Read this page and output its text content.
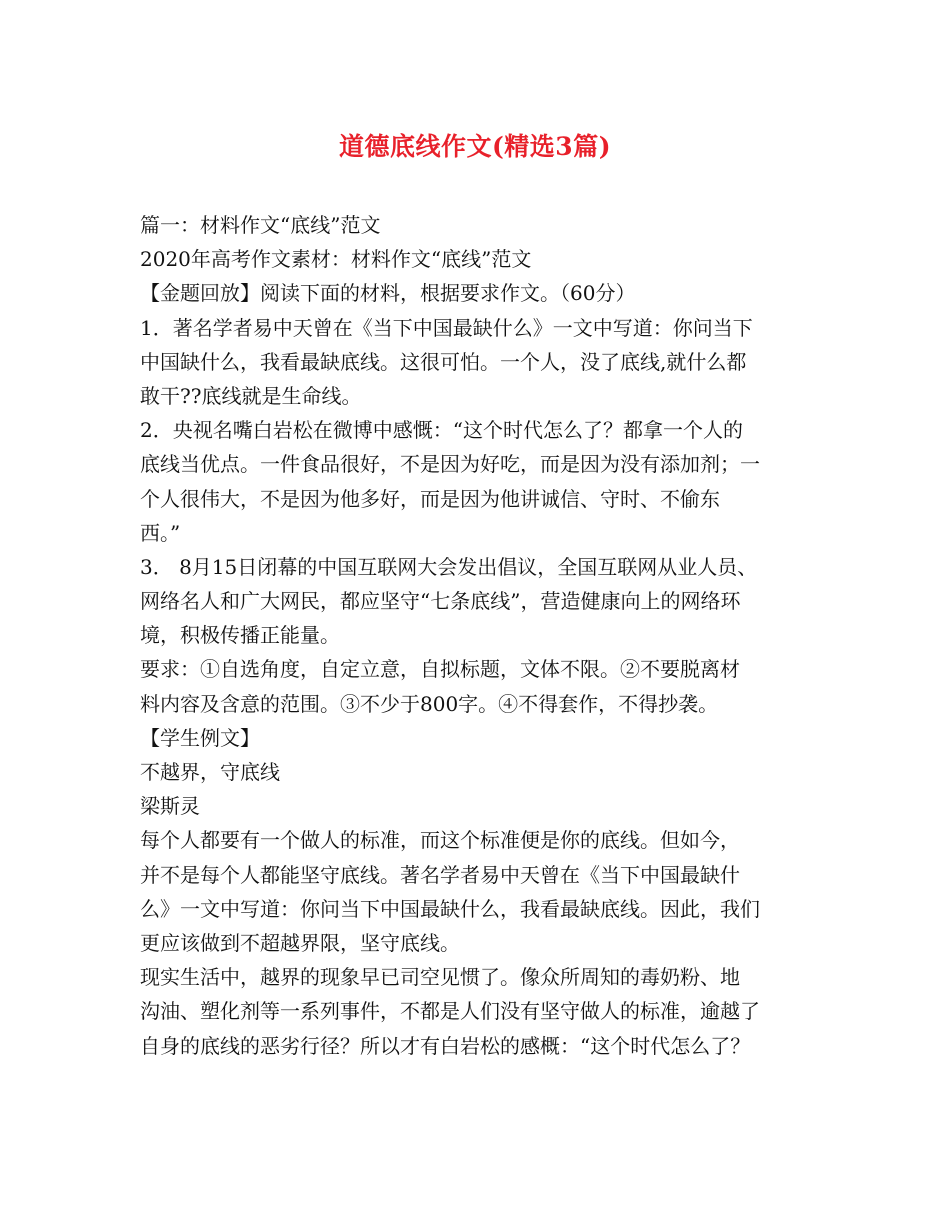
道德底线作文(精选3篇)
篇一：材料作文“底线”范文
2020年高考作文素材：材料作文“底线”范文
【金题回放】阅读下面的材料，根据要求作文。（60分）
1．著名学者易中天曾在《当下中国最缺什么》一文中写道：你问当下
中国缺什么，我看最缺底线。这很可怕。一个人，没了底线,就什么都
敢干??底线就是生命线。
2．央视名嘴白岩松在微博中感慨：“这个时代怎么了？都拿一个人的
底线当优点。一件食品很好，不是因为好吃，而是因为没有添加剂；一
个人很伟大，不是因为他多好，而是因为他讲诚信、守时、不偷东
西。”
3． 8月15日闭幕的中国互联网大会发出倡议，全国互联网从业人员、
网络名人和广大网民，都应坚守“七条底线”，营造健康向上的网络环
境，积极传播正能量。
要求：①自选角度，自定立意，自拟标题，文体不限。②不要脱离材
料内容及含意的范围。③不少于800字。④不得套作，不得抄袭。
【学生例文】
不越界，守底线
梁斯灵
每个人都要有一个做人的标准，而这个标准便是你的底线。但如今，
并不是每个人都能坚守底线。著名学者易中天曾在《当下中国最缺什
么》一文中写道：你问当下中国最缺什么，我看最缺底线。因此，我们
更应该做到不超越界限，坚守底线。
现实生活中，越界的现象早已司空见惯了。像众所周知的毒奶粉、地
沟油、塑化剂等一系列事件，不都是人们没有坚守做人的标准，逾越了
自身的底线的恶劣行径？所以才有白岩松的感概：“这个时代怎么了？
